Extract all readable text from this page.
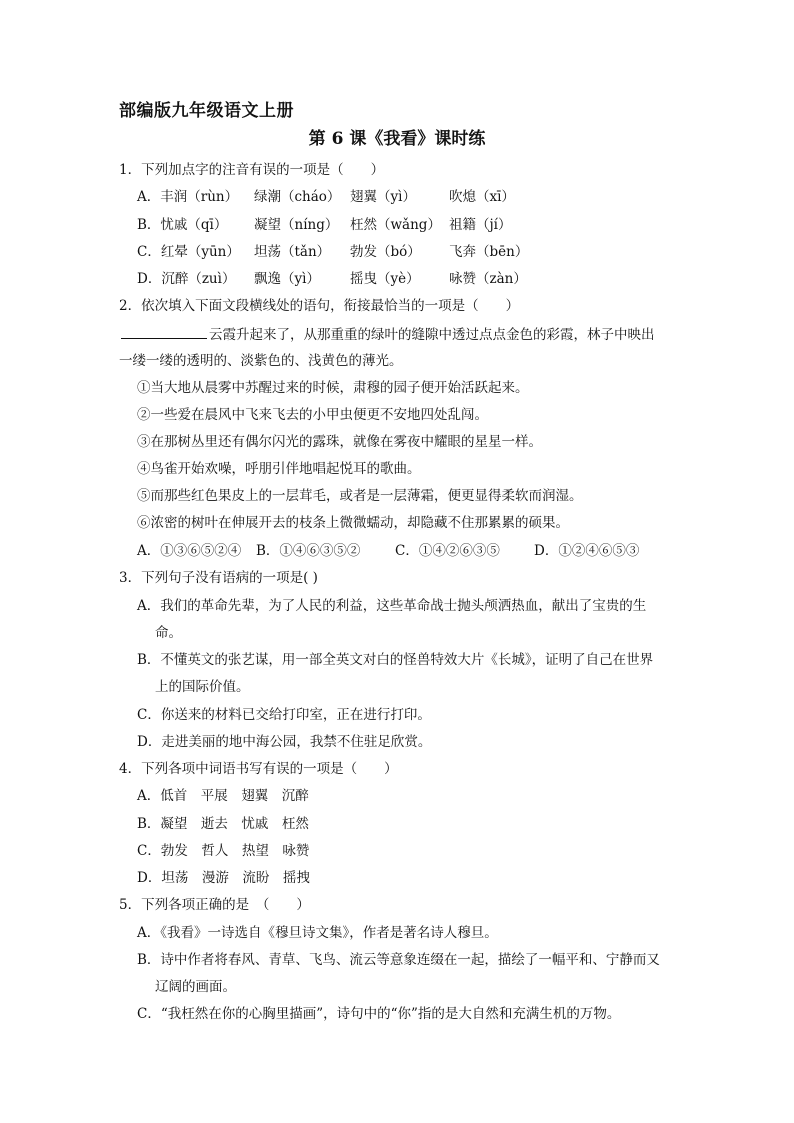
部编版九年级语文上册
第 6 课《我看》课时练
1．下列加点字的注音有误的一项是（　　）
A．丰润（rùn） 绿潮（cháo） 翅翼（yì） 吹熄（xī）
B．忧戚（qī） 凝望（níng） 枉然（wǎng） 祖籍（jí）
C．红晕（yūn） 坦荡（tǎn） 勃发（bó） 飞奔（bēn）
D．沉醉（zuì） 飘逸（yì） 摇曳（yè） 咏赞（zàn）
2．依次填入下面文段横线处的语句，衔接最恰当的一项是（　　）
云霞升起来了，从那重重的绿叶的缝隙中透过点点金色的彩霞，林子中映出
一缕一缕的透明的、淡紫色的、浅黄色的薄光。
①当大地从晨雾中苏醒过来的时候，肃穆的园子便开始活跃起来。
②一些爱在晨风中飞来飞去的小甲虫便更不安地四处乱闯。
③在那树丛里还有偶尔闪光的露珠，就像在雾夜中耀眼的星星一样。
④鸟雀开始欢噪，呼朋引伴地唱起悦耳的歌曲。
⑤而那些红色果皮上的一层茸毛，或者是一层薄霜，便更显得柔软而润湿。
⑥浓密的树叶在伸展开去的枝条上微微蠕动，却隐藏不住那累累的硕果。
A．①③⑥⑤②④ B．①④⑥③⑤②	C．①④②⑥③⑤	D．①②④⑥⑤③
3．下列句子没有语病的一项是( )
A．我们的革命先辈，为了人民的利益，这些革命战士抛头颅洒热血，献出了宝贵的生
命。
B．不懂英文的张艺谋，用一部全英文对白的怪兽特效大片《长城》，证明了自己在世界
上的国际价值。
C．你送来的材料已交给打印室，正在进行打印。
D．走进美丽的地中海公园，我禁不住驻足欣赏。
4．下列各项中词语书写有误的一项是（　　）
A．低首　平展　翅翼　沉醉
B．凝望　逝去　忧戚　枉然
C．勃发　哲人　热望　咏赞
D．坦荡　漫游　流盼　摇拽
5．下列各项正确的是　（　　）
A．《我看》一诗选自《穆旦诗文集》，作者是著名诗人穆旦。
B．诗中作者将春风、青草、飞鸟、流云等意象连缀在一起，描绘了一幅平和、宁静而又
辽阔的画面。
C．“我枉然在你的心胸里描画”，诗句中的“你”指的是大自然和充满生机的万物。
